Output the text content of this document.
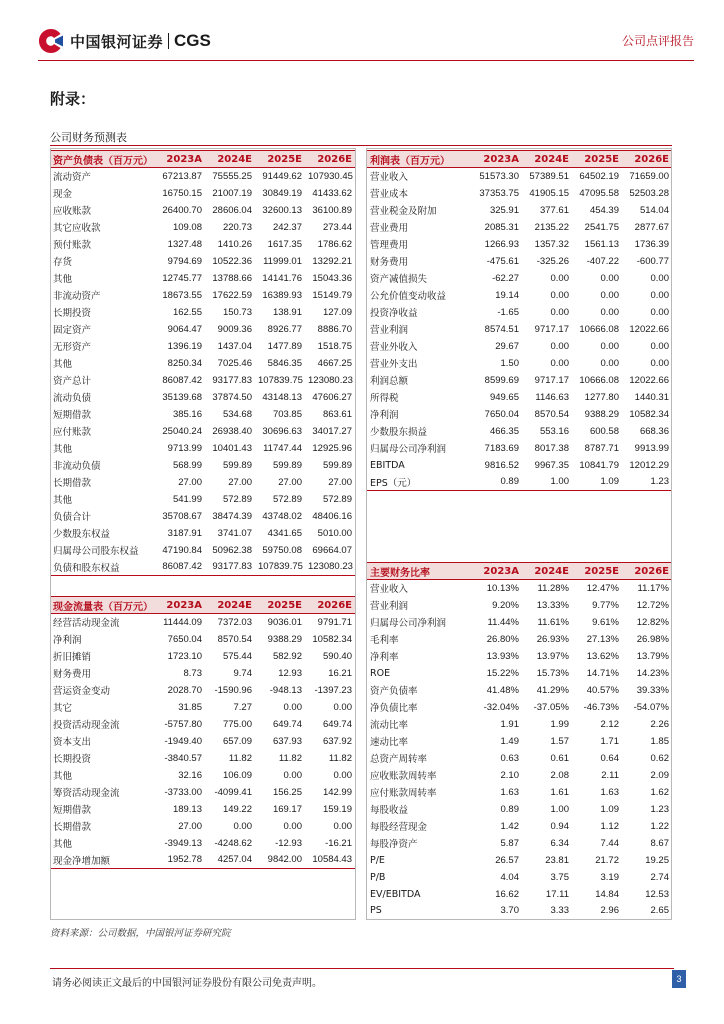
中国银河证券 CGS	公司点评报告
附录：
公司财务预测表
资产负债表（百万元）	2023A	2024E	2025E	2026E
流动资产	67213.87	75555.25	91449.62	107930.45
现金	16750.15	21007.19	30849.19	41433.62
应收账款	26400.70	28606.04	32600.13	36100.89
其它应收款	109.08	220.73	242.37	273.44
预付账款	1327.48	1410.26	1617.35	1786.62
存货	9794.69	10522.36	11999.01	13292.21
其他	12745.77	13788.66	14141.76	15043.36
非流动资产	18673.55	17622.59	16389.93	15149.79
长期投资	162.55	150.73	138.91	127.09
固定资产	9064.47	9009.36	8926.77	8886.70
无形资产	1396.19	1437.04	1477.89	1518.75
其他	8250.34	7025.46	5846.35	4667.25
资产总计	86087.42	93177.83	107839.75	123080.23
流动负债	35139.68	37874.50	43148.13	47606.27
短期借款	385.16	534.68	703.85	863.61
应付账款	25040.24	26938.40	30696.63	34017.27
其他	9713.99	10401.43	11747.44	12925.96
非流动负债	568.99	599.89	599.89	599.89
长期借款	27.00	27.00	27.00	27.00
其他	541.99	572.89	572.89	572.89
负债合计	35708.67	38474.39	43748.02	48406.16
少数股东权益	3187.91	3741.07	4341.65	5010.00
归属母公司股东权益	47190.84	50962.38	59750.08	69664.07
负债和股东权益	86087.42	93177.83	107839.75	123080.23
利润表（百万元）	2023A	2024E	2025E	2026E
营业收入	51573.30	57389.51	64502.19	71659.00
营业成本	37353.75	41905.15	47095.58	52503.28
营业税金及附加	325.91	377.61	454.39	514.04
营业费用	2085.31	2135.22	2541.75	2877.67
管理费用	1266.93	1357.32	1561.13	1736.39
财务费用	-475.61	-325.26	-407.22	-600.77
资产减值损失	-62.27	0.00	0.00	0.00
公允价值变动收益	19.14	0.00	0.00	0.00
投资净收益	-1.65	0.00	0.00	0.00
营业利润	8574.51	9717.17	10666.08	12022.66
营业外收入	29.67	0.00	0.00	0.00
营业外支出	1.50	0.00	0.00	0.00
利润总额	8599.69	9717.17	10666.08	12022.66
所得税	949.65	1146.63	1277.80	1440.31
净利润	7650.04	8570.54	9388.29	10582.34
少数股东损益	466.35	553.16	600.58	668.36
归属母公司净利润	7183.69	8017.38	8787.71	9913.99
EBITDA	9816.52	9967.35	10841.79	12012.29
EPS（元）	0.89	1.00	1.09	1.23
现金流量表（百万元）	2023A	2024E	2025E	2026E
经营活动现金流	11444.09	7372.03	9036.01	9791.71
净利润	7650.04	8570.54	9388.29	10582.34
折旧摊销	1723.10	575.44	582.92	590.40
财务费用	8.73	9.74	12.93	16.21
营运资金变动	2028.70	-1590.96	-948.13	-1397.23
其它	31.85	7.27	0.00	0.00
投资活动现金流	-5757.80	775.00	649.74	649.74
资本支出	-1949.40	657.09	637.93	637.92
长期投资	-3840.57	11.82	11.82	11.82
其他	32.16	106.09	0.00	0.00
筹资活动现金流	-3733.00	-4099.41	156.25	142.99
短期借款	189.13	149.22	169.17	159.19
长期借款	27.00	0.00	0.00	0.00
其他	-3949.13	-4248.62	-12.93	-16.21
现金净增加额	1952.78	4257.04	9842.00	10584.43
主要财务比率	2023A	2024E	2025E	2026E
营业收入	10.13%	11.28%	12.47%	11.17%
营业利润	9.20%	13.33%	9.77%	12.72%
归属母公司净利润	11.44%	11.61%	9.61%	12.82%
毛利率	26.80%	26.93%	27.13%	26.98%
净利率	13.93%	13.97%	13.62%	13.79%
ROE	15.22%	15.73%	14.71%	14.23%
资产负债率	41.48%	41.29%	40.57%	39.33%
净负债比率	-32.04%	-37.05%	-46.73%	-54.07%
流动比率	1.91	1.99	2.12	2.26
速动比率	1.49	1.57	1.71	1.85
总资产周转率	0.63	0.61	0.64	0.62
应收账款周转率	2.10	2.08	2.11	2.09
应付账款周转率	1.63	1.61	1.63	1.62
每股收益	0.89	1.00	1.09	1.23
每股经营现金	1.42	0.94	1.12	1.22
每股净资产	5.87	6.34	7.44	8.67
P/E	26.57	23.81	21.72	19.25
P/B	4.04	3.75	3.19	2.74
EV/EBITDA	16.62	17.11	14.84	12.53
PS	3.70	3.33	2.96	2.65
资料来源：公司数据，中国银河证券研究院
请务必阅读正文最后的中国银河证券股份有限公司免责声明。	3
